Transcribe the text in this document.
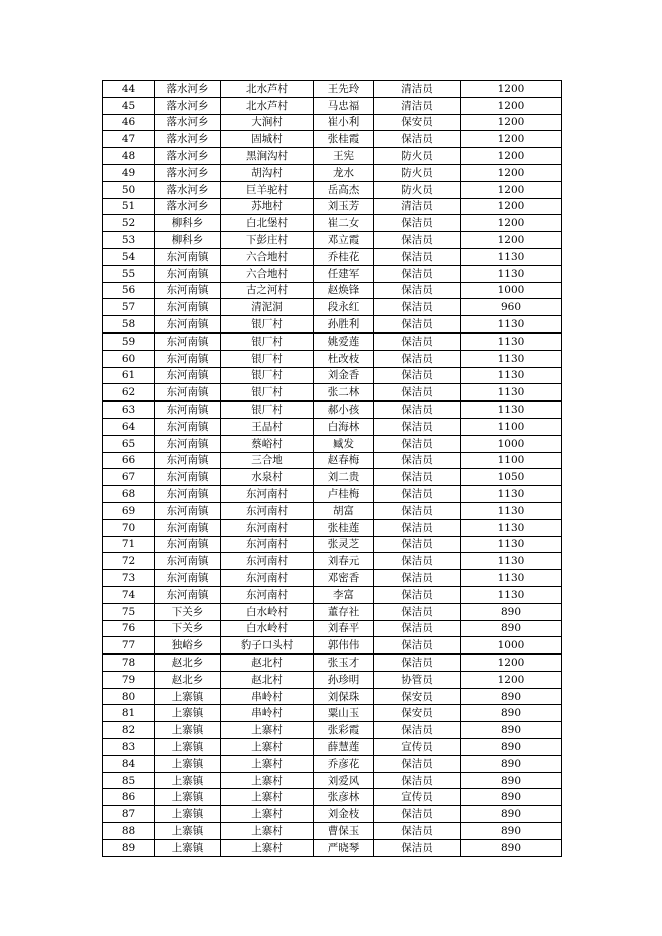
44	落水河乡	北水芦村	王先玲	清洁员	1200
45	落水河乡	北水芦村	马忠福	清洁员	1200
46	落水河乡	大涧村	崔小利	保安员	1200
47	落水河乡	固城村	张桂霞	保洁员	1200
48	落水河乡	黑涧沟村	王宪	防火员	1200
49	落水河乡	胡沟村	龙水	防火员	1200
50	落水河乡	巨羊驼村	岳高杰	防火员	1200
51	落水河乡	苏地村	刘玉芳	清洁员	1200
52	柳科乡	白北堡村	崔二女	保洁员	1200
53	柳科乡	下彭庄村	邓立霞	保洁员	1200
54	东河南镇	六合地村	乔桂花	保洁员	1130
55	东河南镇	六合地村	任建军	保洁员	1130
56	东河南镇	古之河村	赵焕锋	保洁员	1000
57	东河南镇	清泥洞	段永红	保洁员	960
58	东河南镇	银厂村	孙胜利	保洁员	1130
59	东河南镇	银厂村	姚爱莲	保洁员	1130
60	东河南镇	银厂村	杜改枝	保洁员	1130
61	东河南镇	银厂村	刘金香	保洁员	1130
62	东河南镇	银厂村	张二林	保洁员	1130
63	东河南镇	银厂村	郝小孩	保洁员	1130
64	东河南镇	王品村	白海林	保洁员	1100
65	东河南镇	蔡峪村	臧发	保洁员	1000
66	东河南镇	三合地	赵春梅	保洁员	1100
67	东河南镇	水泉村	刘二贵	保洁员	1050
68	东河南镇	东河南村	卢桂梅	保洁员	1130
69	东河南镇	东河南村	胡富	保洁员	1130
70	东河南镇	东河南村	张桂莲	保洁员	1130
71	东河南镇	东河南村	张灵芝	保洁员	1130
72	东河南镇	东河南村	刘春元	保洁员	1130
73	东河南镇	东河南村	邓密香	保洁员	1130
74	东河南镇	东河南村	李富	保洁员	1130
75	下关乡	白水岭村	董存社	保洁员	890
76	下关乡	白水岭村	刘春平	保洁员	890
77	独峪乡	豹子口头村	郭伟伟	保洁员	1000
78	赵北乡	赵北村	张玉才	保洁员	1200
79	赵北乡	赵北村	孙珍明	协管员	1200
80	上寨镇	串岭村	刘保珠	保安员	890
81	上寨镇	串岭村	粟山玉	保安员	890
82	上寨镇	上寨村	张彩霞	保洁员	890
83	上寨镇	上寨村	薛慧莲	宣传员	890
84	上寨镇	上寨村	乔彦花	保洁员	890
85	上寨镇	上寨村	刘爱风	保洁员	890
86	上寨镇	上寨村	张彦林	宣传员	890
87	上寨镇	上寨村	刘金枝	保洁员	890
88	上寨镇	上寨村	曹保玉	保洁员	890
89	上寨镇	上寨村	严晓琴	保洁员	890
